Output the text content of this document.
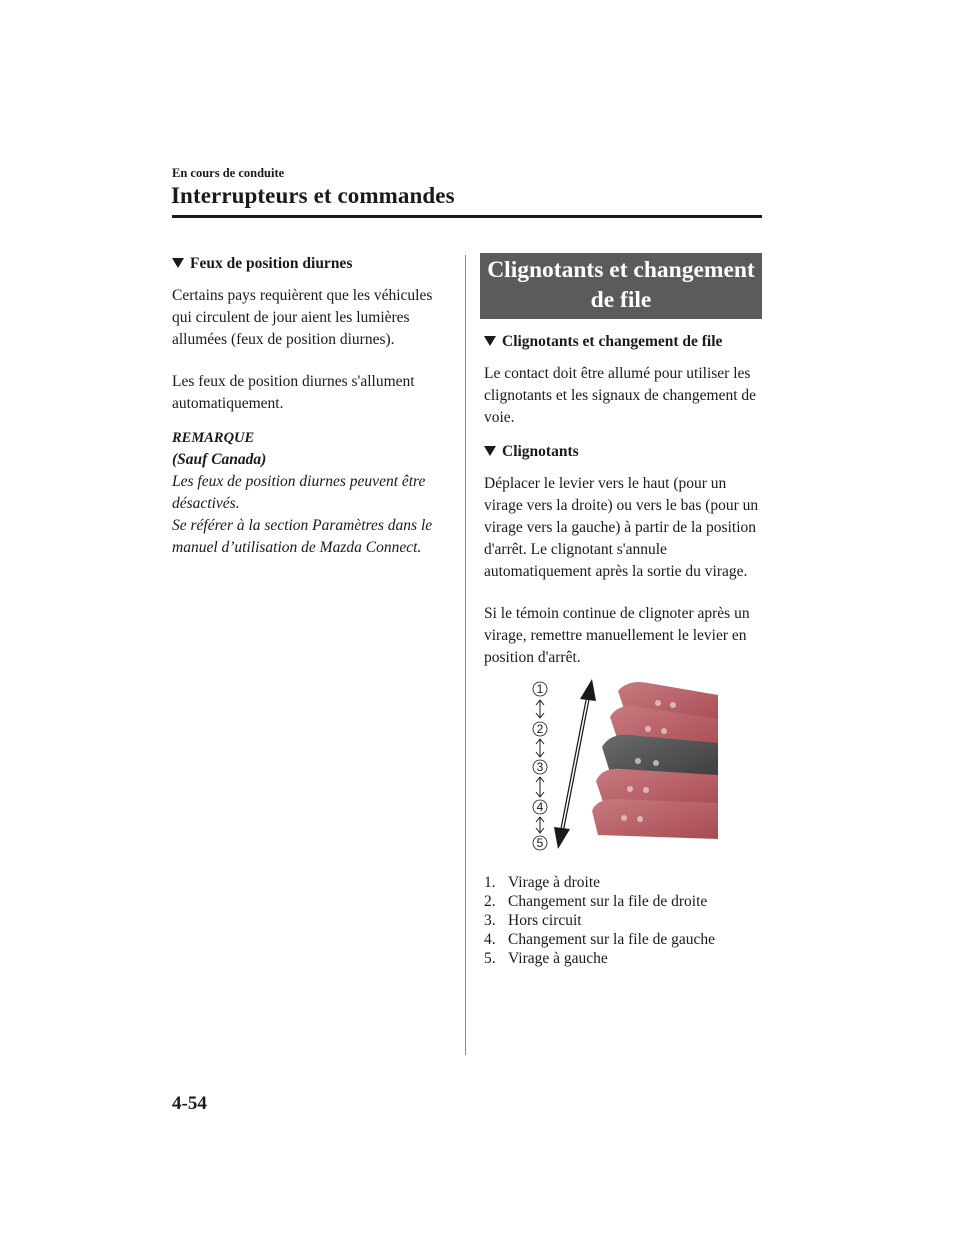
En cours de conduite
Interrupteurs et commandes
Feux de position diurnes

Certains pays requièrent que les véhicules qui circulent de jour aient les lumières allumées (feux de position diurnes).

Les feux de position diurnes s'allument automatiquement.

REMARQUE
(Sauf Canada)
Les feux de position diurnes peuvent être désactivés.
Se référer à la section Paramètres dans le manuel d’utilisation de Mazda Connect.
Clignotants et changement de file
Clignotants et changement de file

Le contact doit être allumé pour utiliser les clignotants et les signaux de changement de voie.

Clignotants

Déplacer le levier vers le haut (pour un virage vers la droite) ou vers le bas (pour un virage vers la gauche) à partir de la position d'arrêt. Le clignotant s'annule automatiquement après la sortie du virage.

Si le témoin continue de clignoter après un virage, remettre manuellement le levier en position d'arrêt.

1
2
3
4
5
1. Virage à droite
2. Changement sur la file de droite
3. Hors circuit
4. Changement sur la file de gauche
5. Virage à gauche
4-54
